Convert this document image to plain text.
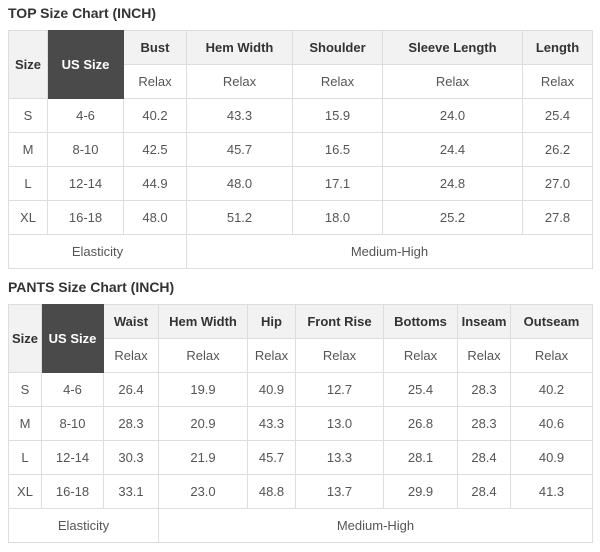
TOP Size Chart (INCH)
Size	US Size	Bust	Hem Width	Shoulder	Sleeve Length	Length
		Relax	Relax	Relax	Relax	Relax
S	4-6	40.2	43.3	15.9	24.0	25.4
M	8-10	42.5	45.7	16.5	24.4	26.2
L	12-14	44.9	48.0	17.1	24.8	27.0
XL	16-18	48.0	51.2	18.0	25.2	27.8
Elasticity			Medium-High			
PANTS Size Chart (INCH)
Size	US Size	Waist	Hem Width	Hip	Front Rise	Bottoms	Inseam	Outseam
		Relax	Relax	Relax	Relax	Relax	Relax	Relax
S	4-6	26.4	19.9	40.9	12.7	25.4	28.3	40.2
M	8-10	28.3	20.9	43.3	13.0	26.8	28.3	40.6
L	12-14	30.3	21.9	45.7	13.3	28.1	28.4	40.9
XL	16-18	33.1	23.0	48.8	13.7	29.9	28.4	41.3
Elasticity			Medium-High					
